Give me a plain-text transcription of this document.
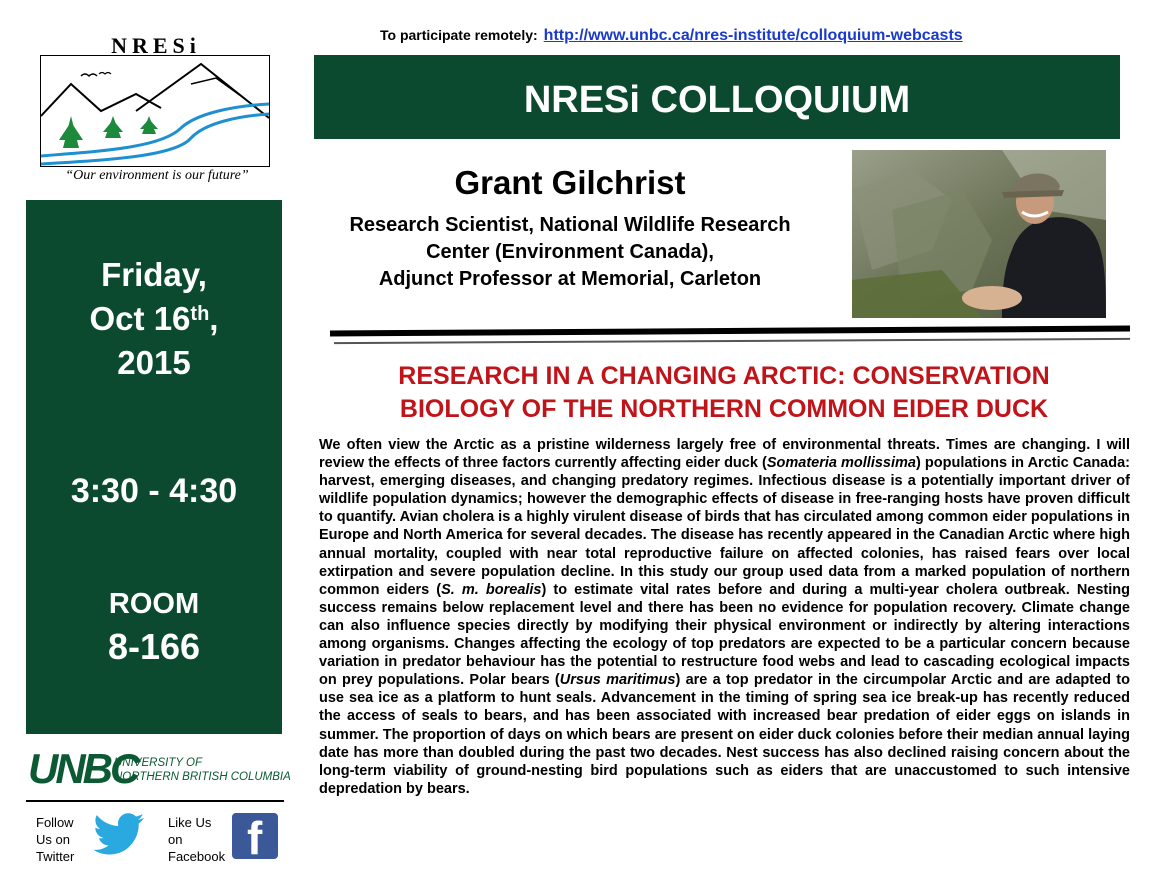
NRESi
“Our environment is our future”
Friday,
Oct 16th,
2015
3:30 - 4:30
ROOM
8-166
UNBC
UNIVERSITY OF
NORTHERN BRITISH COLUMBIA
Follow
Us on
Twitter
Like Us
on
Facebook f
To participate remotely: http://www.unbc.ca/nres-institute/colloquium-webcasts
NRESi COLLOQUIUM
Grant Gilchrist
Research Scientist, National Wildlife Research
Center (Environment Canada),
Adjunct Professor at Memorial, Carleton
RESEARCH IN A CHANGING ARCTIC: CONSERVATION
BIOLOGY OF THE NORTHERN COMMON EIDER DUCK
We often view the Arctic as a pristine wilderness largely free of environmental threats. Times are changing. I will review the effects of three factors currently affecting eider duck (Somateria mollissima) populations in Arctic Canada: harvest, emerging diseases, and changing predatory regimes. Infectious disease is a potentially important driver of wildlife population dynamics; however the demographic effects of disease in free-ranging hosts have proven difficult to quantify. Avian cholera is a highly virulent disease of birds that has circulated among common eider populations in Europe and North America for several decades. The disease has recently appeared in the Canadian Arctic where high annual mortality, coupled with near total reproductive failure on affected colonies, has raised fears over local extirpation and severe population decline. In this study our group used data from a marked population of northern common eiders (S. m. borealis) to estimate vital rates before and during a multi-year cholera outbreak. Nesting success remains below replacement level and there has been no evidence for population recovery. Climate change can also influence species directly by modifying their physical environment or indirectly by altering interactions among organisms. Changes affecting the ecology of top predators are expected to be a particular concern because variation in predator behaviour has the potential to restructure food webs and lead to cascading ecological impacts on prey populations. Polar bears (Ursus maritimus) are a top predator in the circumpolar Arctic and are adapted to use sea ice as a platform to hunt seals. Advancement in the timing of spring sea ice break-up has recently reduced the access of seals to bears, and has been associated with increased bear predation of eider eggs on islands in summer. The proportion of days on which bears are present on eider duck colonies before their median annual laying date has more than doubled during the past two decades. Nest success has also declined raising concern about the long-term viability of ground-nesting bird populations such as eiders that are unaccustomed to such intensive depredation by bears.
